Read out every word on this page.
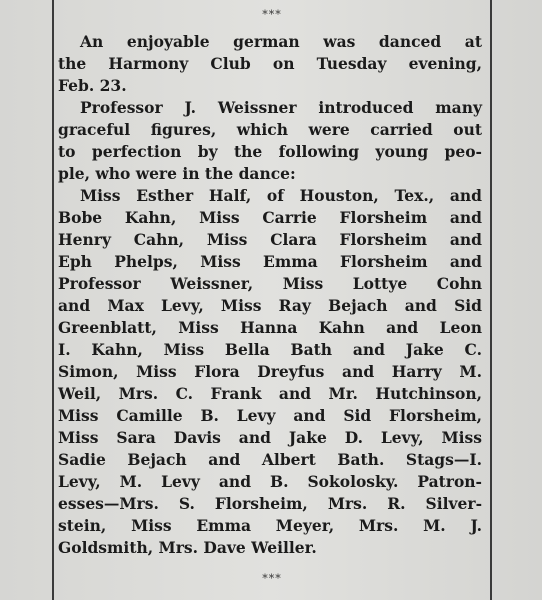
***
An enjoyable german was danced at
the Harmony Club on Tuesday evening,
Feb. 23.
Professor J. Weissner introduced many
graceful figures, which were carried out
to perfection by the following young peo-
ple, who were in the dance:
Miss Esther Half, of Houston, Tex., and
Bobe Kahn, Miss Carrie Florsheim and
Henry Cahn, Miss Clara Florsheim and
Eph Phelps, Miss Emma Florsheim and
Professor Weissner, Miss Lottye Cohn
and Max Levy, Miss Ray Bejach and Sid
Greenblatt, Miss Hanna Kahn and Leon
I. Kahn, Miss Bella Bath and Jake C.
Simon, Miss Flora Dreyfus and Harry M.
Weil, Mrs. C. Frank and Mr. Hutchinson,
Miss Camille B. Levy and Sid Florsheim,
Miss Sara Davis and Jake D. Levy, Miss
Sadie Bejach and Albert Bath. Stags—I.
Levy, M. Levy and B. Sokolosky. Patron-
esses—Mrs. S. Florsheim, Mrs. R. Silver-
stein, Miss Emma Meyer, Mrs. M. J.
Goldsmith, Mrs. Dave Weiller.
***
